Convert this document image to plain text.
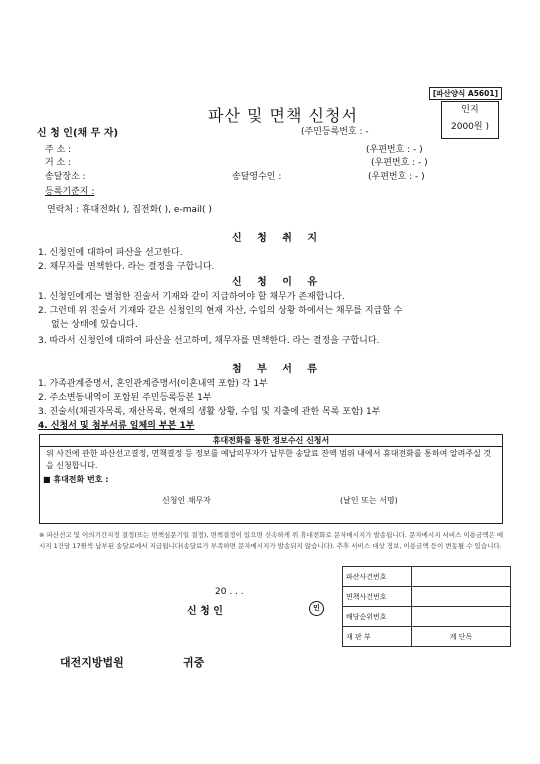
[파산양식 A5601]
파산 및 면책 신청서	인지
2000원 )
신 청 인(채 무 자)	(주민등록번호 : -
주 소 :	(우편번호 : - )
거 소 :	(우편번호 : - )
송달장소 :	송달영수인 :	(우편번호 : - )
등록기준지 :
연락처 : 휴대전화( ), 집전화( ), e-mail( )
신 청 취 지
1. 신청인에 대하여 파산을 선고한다.
2. 채무자를 면책한다. 라는 결정을 구합니다.
신 청 이 유
1. 신청인에게는 별첨한 진술서 기재와 같이 지급하여야 할 채무가 존재합니다.
2. 그런데 위 진술서 기재와 같은 신청인의 현재 자산, 수입의 상황 하에서는 채무를 지급할 수
없는 상태에 있습니다.
3. 따라서 신청인에 대하여 파산을 선고하며, 채무자를 면책한다. 라는 결정을 구합니다.
첨 부 서 류
1. 가족관계증명서, 혼인관계증명서(이혼내역 포함) 각 1부
2. 주소변동내역이 포함된 주민등록등본 1부
3. 진술서(채권자목록, 재산목록, 현재의 생활 상황, 수입 및 지출에 관한 목록 포함) 1부
4. 신청서 및 첨부서류 일체의 부본 1부
휴대전화를 통한 정보수신 신청서
위 사건에 관한 파산선고결정, 면책결정 등 정보를 예납의무자가 납부한 송달료 잔액 범위 내에서 휴대전화를 통하여 알려주실 것을 신청합니다.
■ 휴대전화 번호 :
신청인 채무자	(날인 또는 서명)
※ 파산선고 및 이의기간지정 결정(또는 면책심문기일 결정), 면책결정이 있으면 신속하게 위 휴대전화로 문자메시지가 발송됩니다. 문자메시지 서비스 이용금액은 메시지 1건당 17원씩 납부된 송달료에서 지급됩니다(송달료가 부족하면 문자메시지가 발송되지 않습니다). 추후 서비스 대상 정보, 이용금액 등이 변동될 수 있습니다.
파산사건번호	
면책사건번호	
배당순위번호	
재 판 부	계 단독
20 . . .
신 청 인	인
대전지방법원	귀중
